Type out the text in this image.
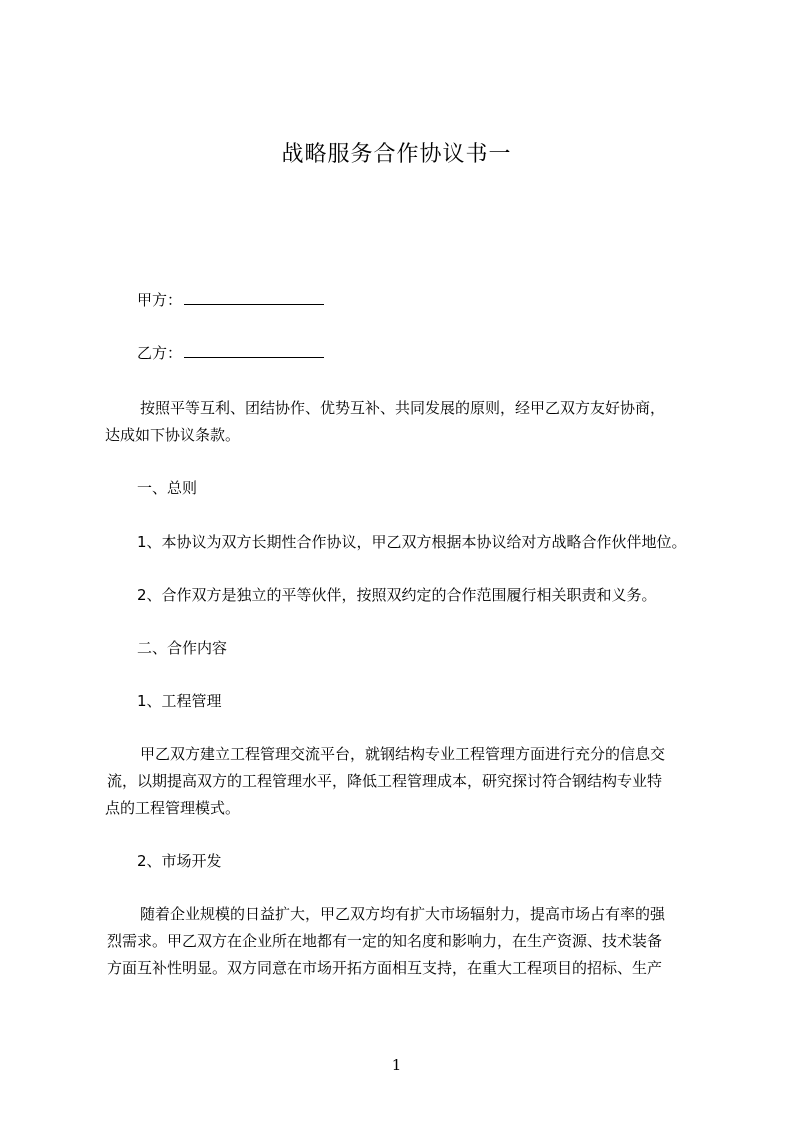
战略服务合作协议书一
甲方：
乙方：
按照平等互利、团结协作、优势互补、共同发展的原则，经甲乙双方友好协商，
达成如下协议条款。
一、总则
1、本协议为双方长期性合作协议，甲乙双方根据本协议给对方战略合作伙伴地位。
2、合作双方是独立的平等伙伴，按照双约定的合作范围履行相关职责和义务。
二、合作内容
1、工程管理
甲乙双方建立工程管理交流平台，就钢结构专业工程管理方面进行充分的信息交
流，以期提高双方的工程管理水平，降低工程管理成本，研究探讨符合钢结构专业特
点的工程管理模式。
2、市场开发
随着企业规模的日益扩大，甲乙双方均有扩大市场辐射力，提高市场占有率的强
烈需求。甲乙双方在企业所在地都有一定的知名度和影响力，在生产资源、技术装备
方面互补性明显。双方同意在市场开拓方面相互支持，在重大工程项目的招标、生产
1
